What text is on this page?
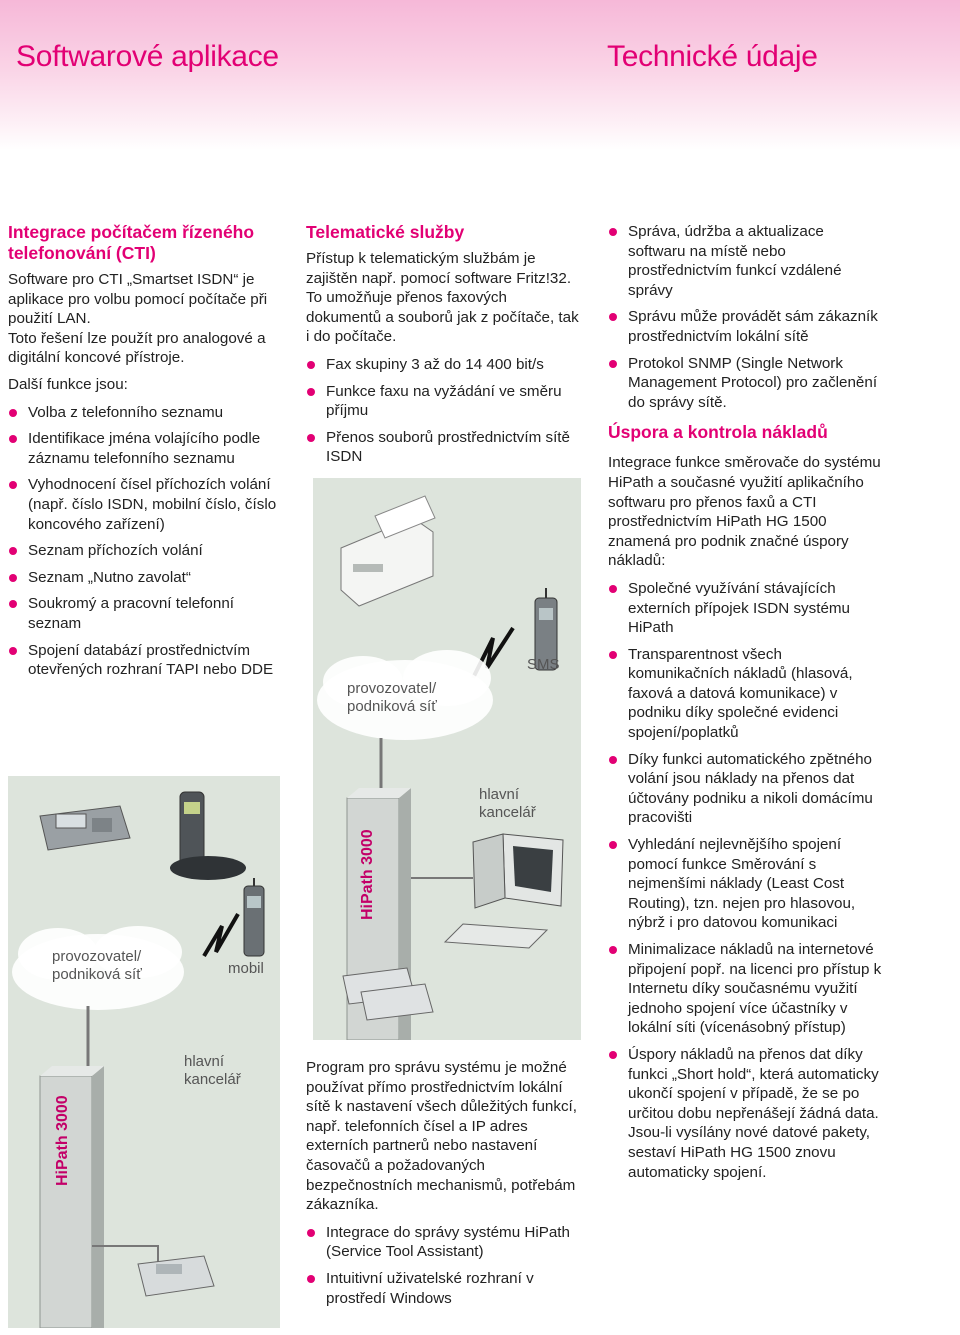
Softwarové aplikace	Technické údaje
Integrace počítačem řízeného telefonování (CTI)

Software pro CTI „Smartset ISDN“ je aplikace pro volbu pomocí počítače při použití LAN.

Toto řešení lze použít pro analogové a digitální koncové přístroje.

Další funkce jsou:

Volba z telefonního seznamu
Identifikace jména volajícího podle záznamu telefonního seznamu
Vyhodnocení čísel příchozích volání (např. číslo ISDN, mobilní číslo, číslo koncového zařízení)
Seznam příchozích volání
Seznam „Nutno zavolat“
Soukromý a pracovní telefonní seznam
Spojení databází prostřednictvím otevřených rozhraní TAPI nebo DDE
provozovatel/ podniková síť	mobil
hlavní kancelář
HiPath 3000
Telematické služby

Přístup k telematickým službám je zajištěn např. pomocí software Fritz!32.

To umožňuje přenos faxových dokumentů a souborů jak z počítače, tak i do počítače.

Fax skupiny 3 až do 14 400 bit/s
Funkce faxu na vyžádání ve směru příjmu
Přenos souborů prostřednictvím sítě ISDN
provozovatel/ podniková síť
SMS
hlavní kancelář
HiPath 3000

Program pro správu systému je možné používat přímo prostřednictvím lokální sítě k nastavení všech důležitých funkcí, např. telefonních čísel a IP adres externích partnerů nebo nastavení časovačů a požadovaných bezpečnostních mechanismů, potřebám zákazníka.

Integrace do správy systému HiPath (Service Tool Assistant)
Intuitivní uživatelské rozhraní v prostředí Windows
Správa, údržba a aktualizace softwaru na místě nebo prostřednictvím funkcí vzdálené správy
Správu může provádět sám zákazník prostřednictvím lokální sítě
Protokol SNMP (Single Network Management Protocol) pro začlenění do správy sítě.
Úspora a kontrola nákladů

Integrace funkce směrovače do systému HiPath a současné využití aplikačního softwaru pro přenos faxů a CTI prostřednictvím HiPath HG 1500 znamená pro podnik značné úspory nákladů:

Společné využívání stávajících externích přípojek ISDN systému HiPath
Transparentnost všech komunikačních nákladů (hlasová, faxová a datová komunikace) v podniku díky společné evidenci spojení/poplatků
Díky funkci automatického zpětného volání jsou náklady na přenos dat účtovány podniku a nikoli domácímu pracovišti
Vyhledání nejlevnějšího spojení pomocí funkce Směrování s nejmenšími náklady (Least Cost Routing), tzn. nejen pro hlasovou, nýbrž i pro datovou komunikaci
Minimalizace nákladů na internetové připojení popř. na licenci pro přístup k Internetu díky současnému využití jednoho spojení více účastníky v lokální síti (vícenásobný přístup)
Úspory nákladů na přenos dat díky funkci „Short hold“, která automaticky ukončí spojení v případě, že se po určitou dobu nepřenášejí žádná data. Jsou-li vysílány nové datové pakety, sestaví HiPath HG 1500 znovu automaticky spojení.
